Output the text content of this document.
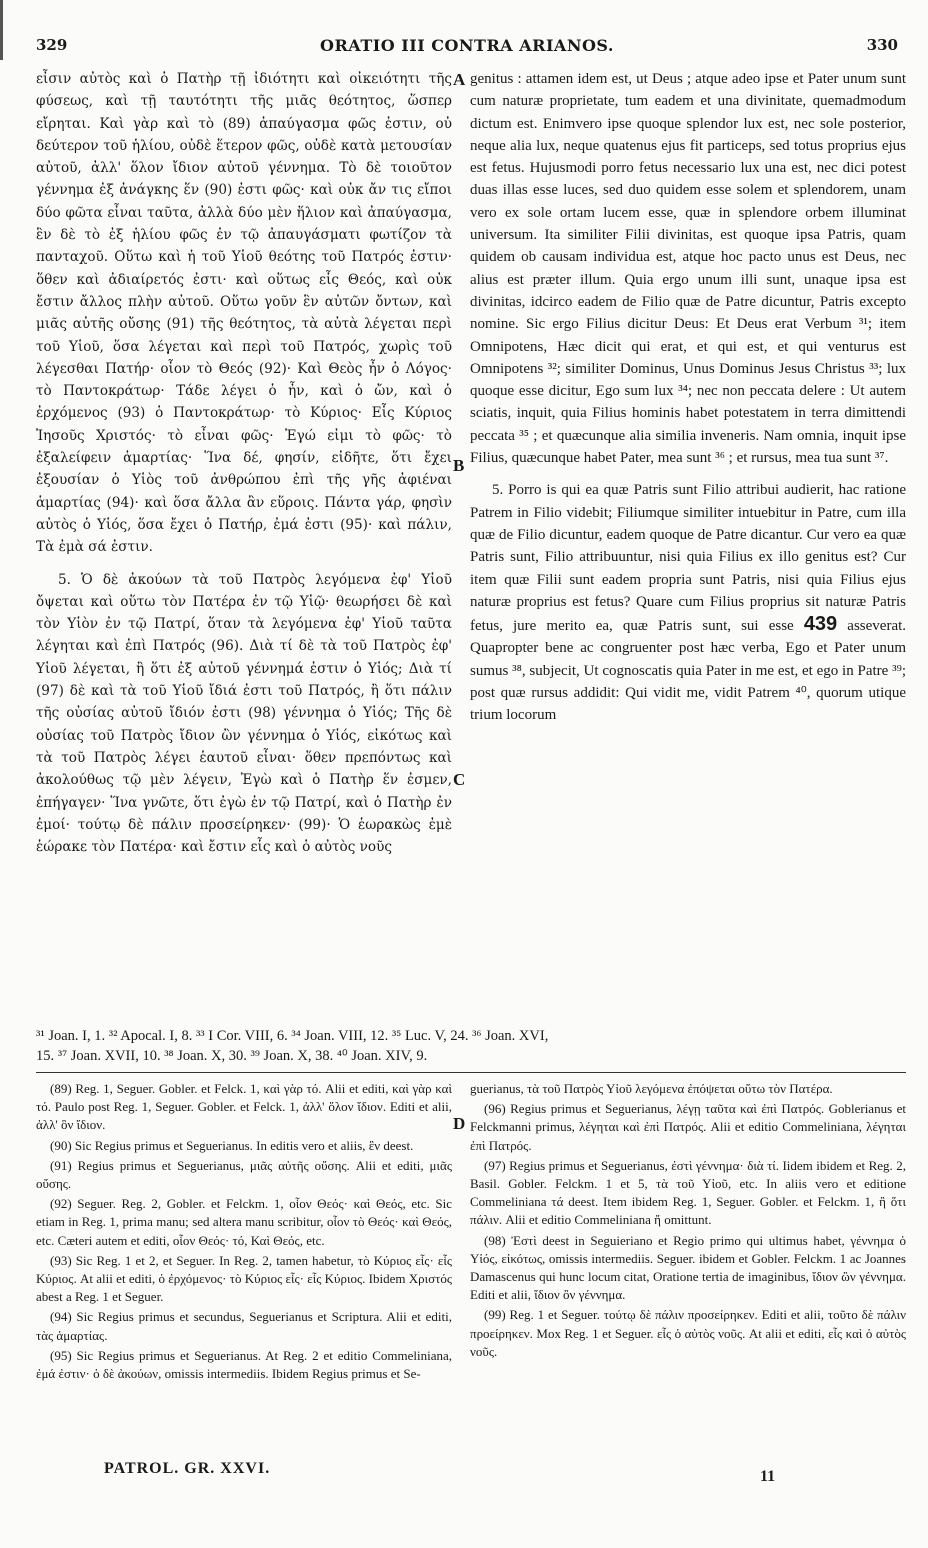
329	ORATIO III CONTRA ARIANOS.	330

εἶσιν αὐτὸς καὶ ὁ Πατὴρ τῇ ἰδιότητι καὶ οἰκειότητι τῆς φύσεως, καὶ τῇ ταυτότητι τῆς μιᾶς θεότητος, ὥσπερ εἴρηται. Καὶ γὰρ καὶ τὸ (89) ἀπαύγασμα φῶς ἐστιν, οὐ δεύτερον τοῦ ἡλίου, οὐδὲ ἕτερον φῶς, οὐδὲ κατὰ μετουσίαν αὐτοῦ, ἀλλ' ὅλον ἴδιον αὐτοῦ γέννημα. Τὸ δὲ τοιοῦτον γέννημα ἐξ ἀνάγκης ἕν (90) ἐστι φῶς· καὶ οὐκ ἄν τις εἴποι δύο φῶτα εἶναι ταῦτα, ἀλλὰ δύο μὲν ἥλιον καὶ ἀπαύγασμα, ἓν δὲ τὸ ἐξ ἡλίου φῶς ἐν τῷ ἀπαυγάσματι φωτίζον τὰ πανταχοῦ. Οὕτω καὶ ἡ τοῦ Υἱοῦ θεότης τοῦ Πατρός ἐστιν· ὅθεν καὶ ἀδιαίρετός ἐστι· καὶ οὕτως εἷς Θεός, καὶ οὐκ ἔστιν ἄλλος πλὴν αὐτοῦ. Οὕτω γοῦν ἓν αὐτῶν ὄντων, καὶ μιᾶς αὐτῆς οὔσης (91) τῆς θεότητος, τὰ αὐτὰ λέγεται περὶ τοῦ Υἱοῦ, ὅσα λέγεται καὶ περὶ τοῦ Πατρός, χωρὶς τοῦ λέγεσθαι Πατήρ· οἷον τὸ Θεός (92)· Καὶ Θεὸς ἦν ὁ Λόγος· τὸ Παντοκράτωρ· Τάδε λέγει ὁ ἦν, καὶ ὁ ὤν, καὶ ὁ ἐρχόμενος (93) ὁ Παντοκράτωρ· τὸ Κύριος· Εἷς Κύριος Ἰησοῦς Χριστός· τὸ εἶναι φῶς· Ἐγώ εἰμι τὸ φῶς· τὸ ἐξαλείφειν ἁμαρτίας· Ἵνα δέ, φησίν, εἰδῆτε, ὅτι ἔχει ἐξουσίαν ὁ Υἱὸς τοῦ ἀνθρώπου ἐπὶ τῆς γῆς ἀφιέναι ἁμαρτίας (94)· καὶ ὅσα ἄλλα ἂν εὕροις. Πάντα γάρ, φησὶν αὐτὸς ὁ Υἱός, ὅσα ἔχει ὁ Πατήρ, ἐμά ἐστι (95)· καὶ πάλιν, Τὰ ἐμὰ σά ἐστιν.

5. Ὁ δὲ ἀκούων τὰ τοῦ Πατρὸς λεγόμενα ἐφ' Υἱοῦ ὄψεται καὶ οὕτω τὸν Πατέρα ἐν τῷ Υἱῷ· θεωρήσει δὲ καὶ τὸν Υἱὸν ἐν τῷ Πατρί, ὅταν τὰ λεγόμενα ἐφ' Υἱοῦ ταῦτα λέγηται καὶ ἐπὶ Πατρός (96). Διὰ τί δὲ τὰ τοῦ Πατρὸς ἐφ' Υἱοῦ λέγεται, ἢ ὅτι ἐξ αὐτοῦ γέννημά ἐστιν ὁ Υἱός; Διὰ τί (97) δὲ καὶ τὰ τοῦ Υἱοῦ ἴδιά ἐστι τοῦ Πατρός, ἢ ὅτι πάλιν τῆς οὐσίας αὐτοῦ ἴδιόν ἐστι (98) γέννημα ὁ Υἱός; Τῆς δὲ οὐσίας τοῦ Πατρὸς ἴδιον ὢν γέννημα ὁ Υἱός, εἰκότως καὶ τὰ τοῦ Πατρὸς λέγει ἑαυτοῦ εἶναι· ὅθεν πρεπόντως καὶ ἀκολούθως τῷ μὲν λέγειν, Ἐγὼ καὶ ὁ Πατὴρ ἕν ἐσμεν, ἐπήγαγεν· Ἵνα γνῶτε, ὅτι ἐγὼ ἐν τῷ Πατρί, καὶ ὁ Πατὴρ ἐν ἐμοί· τούτῳ δὲ πάλιν προσείρηκεν· (99)· Ὁ ἑωρακὼς ἐμὲ ἑώρακε τὸν Πατέρα· καὶ ἔστιν εἷς καὶ ὁ αὐτὸς νοῦς

A
B
C
D

genitus : attamen idem est, ut Deus ; atque adeo ipse et Pater unum sunt cum naturæ proprietate, tum eadem et una divinitate, quemadmodum dictum est. Enimvero ipse quoque splendor lux est, nec sole posterior, neque alia lux, neque quatenus ejus fit particeps, sed totus proprius ejus est fetus. Hujusmodi porro fetus necessario lux una est, nec dici potest duas illas esse luces, sed duo quidem esse solem et splendorem, unam vero ex sole ortam lucem esse, quæ in splendore orbem illuminat universum. Ita similiter Filii divinitas, est quoque ipsa Patris, quam quidem ob causam individua est, atque hoc pacto unus est Deus, nec alius est præter illum. Quia ergo unum illi sunt, unaque ipsa est divinitas, idcirco eadem de Filio quæ de Patre dicuntur, Patris excepto nomine. Sic ergo Filius dicitur Deus: Et Deus erat Verbum ³¹; item Omnipotens, Hæc dicit qui erat, et qui est, et qui venturus est Omnipotens ³²; similiter Dominus, Unus Dominus Jesus Christus ³³; lux quoque esse dicitur, Ego sum lux ³⁴; nec non peccata delere : Ut autem sciatis, inquit, quia Filius hominis habet potestatem in terra dimittendi peccata ³⁵ ; et quæcunque alia similia inveneris. Nam omnia, inquit ipse Filius, quæcunque habet Pater, mea sunt ³⁶ ; et rursus, mea tua sunt ³⁷.

5. Porro is qui ea quæ Patris sunt Filio attribui audierit, hac ratione Patrem in Filio videbit; Filiumque similiter intuebitur in Patre, cum illa quæ de Filio dicuntur, eadem quoque de Patre dicantur. Cur vero ea quæ Patris sunt, Filio attribuuntur, nisi quia Filius ex illo genitus est? Cur item quæ Filii sunt eadem propria sunt Patris, nisi quia Filius ejus naturæ proprius est fetus? Quare cum Filius proprius sit naturæ Patris fetus, jure merito ea, quæ Patris sunt, sui esse 439 asseverat. Quapropter bene ac congruenter post hæc verba, Ego et Pater unum sumus ³⁸, subjecit, Ut cognoscatis quia Pater in me est, et ego in Patre ³⁹; post quæ rursus addidit: Qui vidit me, vidit Patrem ⁴⁰, quorum utique trium locorum

³¹ Joan. I, 1. ³² Apocal. I, 8. ³³ I Cor. VIII, 6. ³⁴ Joan. VIII, 12. ³⁵ Luc. V, 24. ³⁶ Joan. XVI,
15. ³⁷ Joan. XVII, 10. ³⁸ Joan. X, 30. ³⁹ Joan. X, 38. ⁴⁰ Joan. XIV, 9.

(89) Reg. 1, Seguer. Gobler. et Felck. 1, καὶ γὰρ τό. Alii et editi, καὶ γὰρ καὶ τό. Paulo post Reg. 1, Seguer. Gobler. et Felck. 1, ἀλλ' ὅλον ἴδιον. Editi et alii, ἀλλ' ὃν ἴδιον.

(90) Sic Regius primus et Seguerianus. In editis vero et aliis, ἓν deest.

(91) Regius primus et Seguerianus, μιᾶς αὐτῆς οὔσης. Alii et editi, μιᾶς οὔσης.

(92) Seguer. Reg. 2, Gobler. et Felckm. 1, οἷον Θεός· καὶ Θεός, etc. Sic etiam in Reg. 1, prima manu; sed altera manu scribitur, οἷον τὸ Θεός· καὶ Θεός, etc. Cæteri autem et editi, οἷον Θεός· τό, Καὶ Θεός, etc.

(93) Sic Reg. 1 et 2, et Seguer. In Reg. 2, tamen habetur, τὸ Κύριος εἷς· εἷς Κύριος. At alii et editi, ὁ ἐρχόμενος· τὸ Κύριος εἷς· εἷς Κύριος. Ibidem Χριστός abest a Reg. 1 et Seguer.

(94) Sic Regius primus et secundus, Seguerianus et Scriptura. Alii et editi, τὰς ἁμαρτίας.

(95) Sic Regius primus et Seguerianus. At Reg. 2 et editio Commeliniana, ἐμά ἐστιν· ὁ δὲ ἀκούων, omissis intermediis. Ibidem Regius primus et Se-

guerianus, τὰ τοῦ Πατρὸς Υἱοῦ λεγόμενα ἐπόψεται οὕτω τὸν Πατέρα.

(96) Regius primus et Seguerianus, λέγῃ ταῦτα καὶ ἐπὶ Πατρός. Goblerianus et Felckmanni primus, λέγηται καὶ ἐπὶ Πατρός. Alii et editio Commeliniana, λέγηται ἐπὶ Πατρός.

(97) Regius primus et Seguerianus, ἐστὶ γέννημα· διὰ τί. Iidem ibidem et Reg. 2, Basil. Gobler. Felckm. 1 et 5, τὰ τοῦ Υἱοῦ, etc. In aliis vero et editione Commeliniana τά deest. Item ibidem Reg. 1, Seguer. Gobler. et Felckm. 1, ἢ ὅτι πάλιν. Alii et editio Commeliniana ἤ omittunt.

(98) Ἐστὶ deest in Seguieriano et Regio primo qui ultimus habet, γέννημα ὁ Υἱός, εἰκότως, omissis intermediis. Seguer. ibidem et Gobler. Felckm. 1 ac Joannes Damascenus qui hunc locum citat, Oratione tertia de imaginibus, ἴδιον ὢν γέννημα. Editi et alii, ἴδιον ὂν γέννημα.

(99) Reg. 1 et Seguer. τούτῳ δὲ πάλιν προσείρηκεν. Editi et alii, τοῦτο δὲ πάλιν προείρηκεν. Mox Reg. 1 et Seguer. εἷς ὁ αὐτὸς νοῦς. At alii et editi, εἷς καὶ ὁ αὐτὸς νοῦς.

PATROL. GR. XXVI.	11
